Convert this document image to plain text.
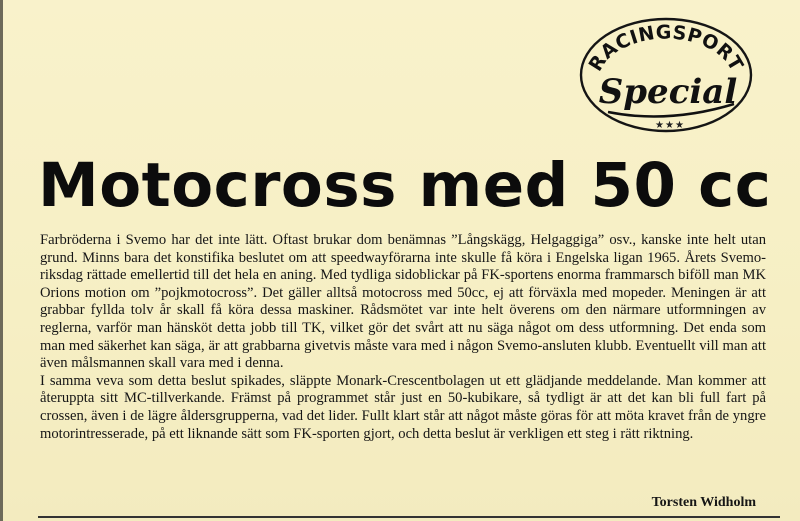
RACINGSPORT
Special
★★★
Motocross med 50 cc

Farbröderna i Svemo har det inte lätt. Oftast brukar dom benämnas ”Långskägg, Helgaggiga” osv., kanske inte helt utan grund. Minns bara det konstifika beslutet om att speedwayförarna inte skulle få köra i Engelska ligan 1965. Årets Svemo-riksdag rättade emellertid till det hela en aning. Med tydliga sidoblickar på FK-sportens enorma frammarsch biföll man MK Orions motion om ”pojkmotocross”. Det gäller alltså motocross med 50cc, ej att förväxla med mopeder. Meningen är att grabbar fyllda tolv år skall få köra dessa maskiner. Rådsmötet var inte helt överens om den närmare utformningen av reglerna, varför man hänsköt detta jobb till TK, vilket gör det svårt att nu säga något om dess utformning. Det enda som man med säkerhet kan säga, är att grabbarna givetvis måste vara med i någon Svemo-ansluten klubb. Eventuellt vill man att även målsmannen skall vara med i denna.

I samma veva som detta beslut spikades, släppte Monark-Crescentbolagen ut ett glädjande meddelande. Man kommer att återuppta sitt MC-tillverkande. Främst på programmet står just en 50-kubikare, så tydligt är att det kan bli full fart på crossen, även i de lägre åldersgrupperna, vad det lider. Fullt klart står att något måste göras för att möta kravet från de yngre motorintresserade, på ett liknande sätt som FK-sporten gjort, och detta beslut är verkligen ett steg i rätt riktning.

Torsten Widholm
